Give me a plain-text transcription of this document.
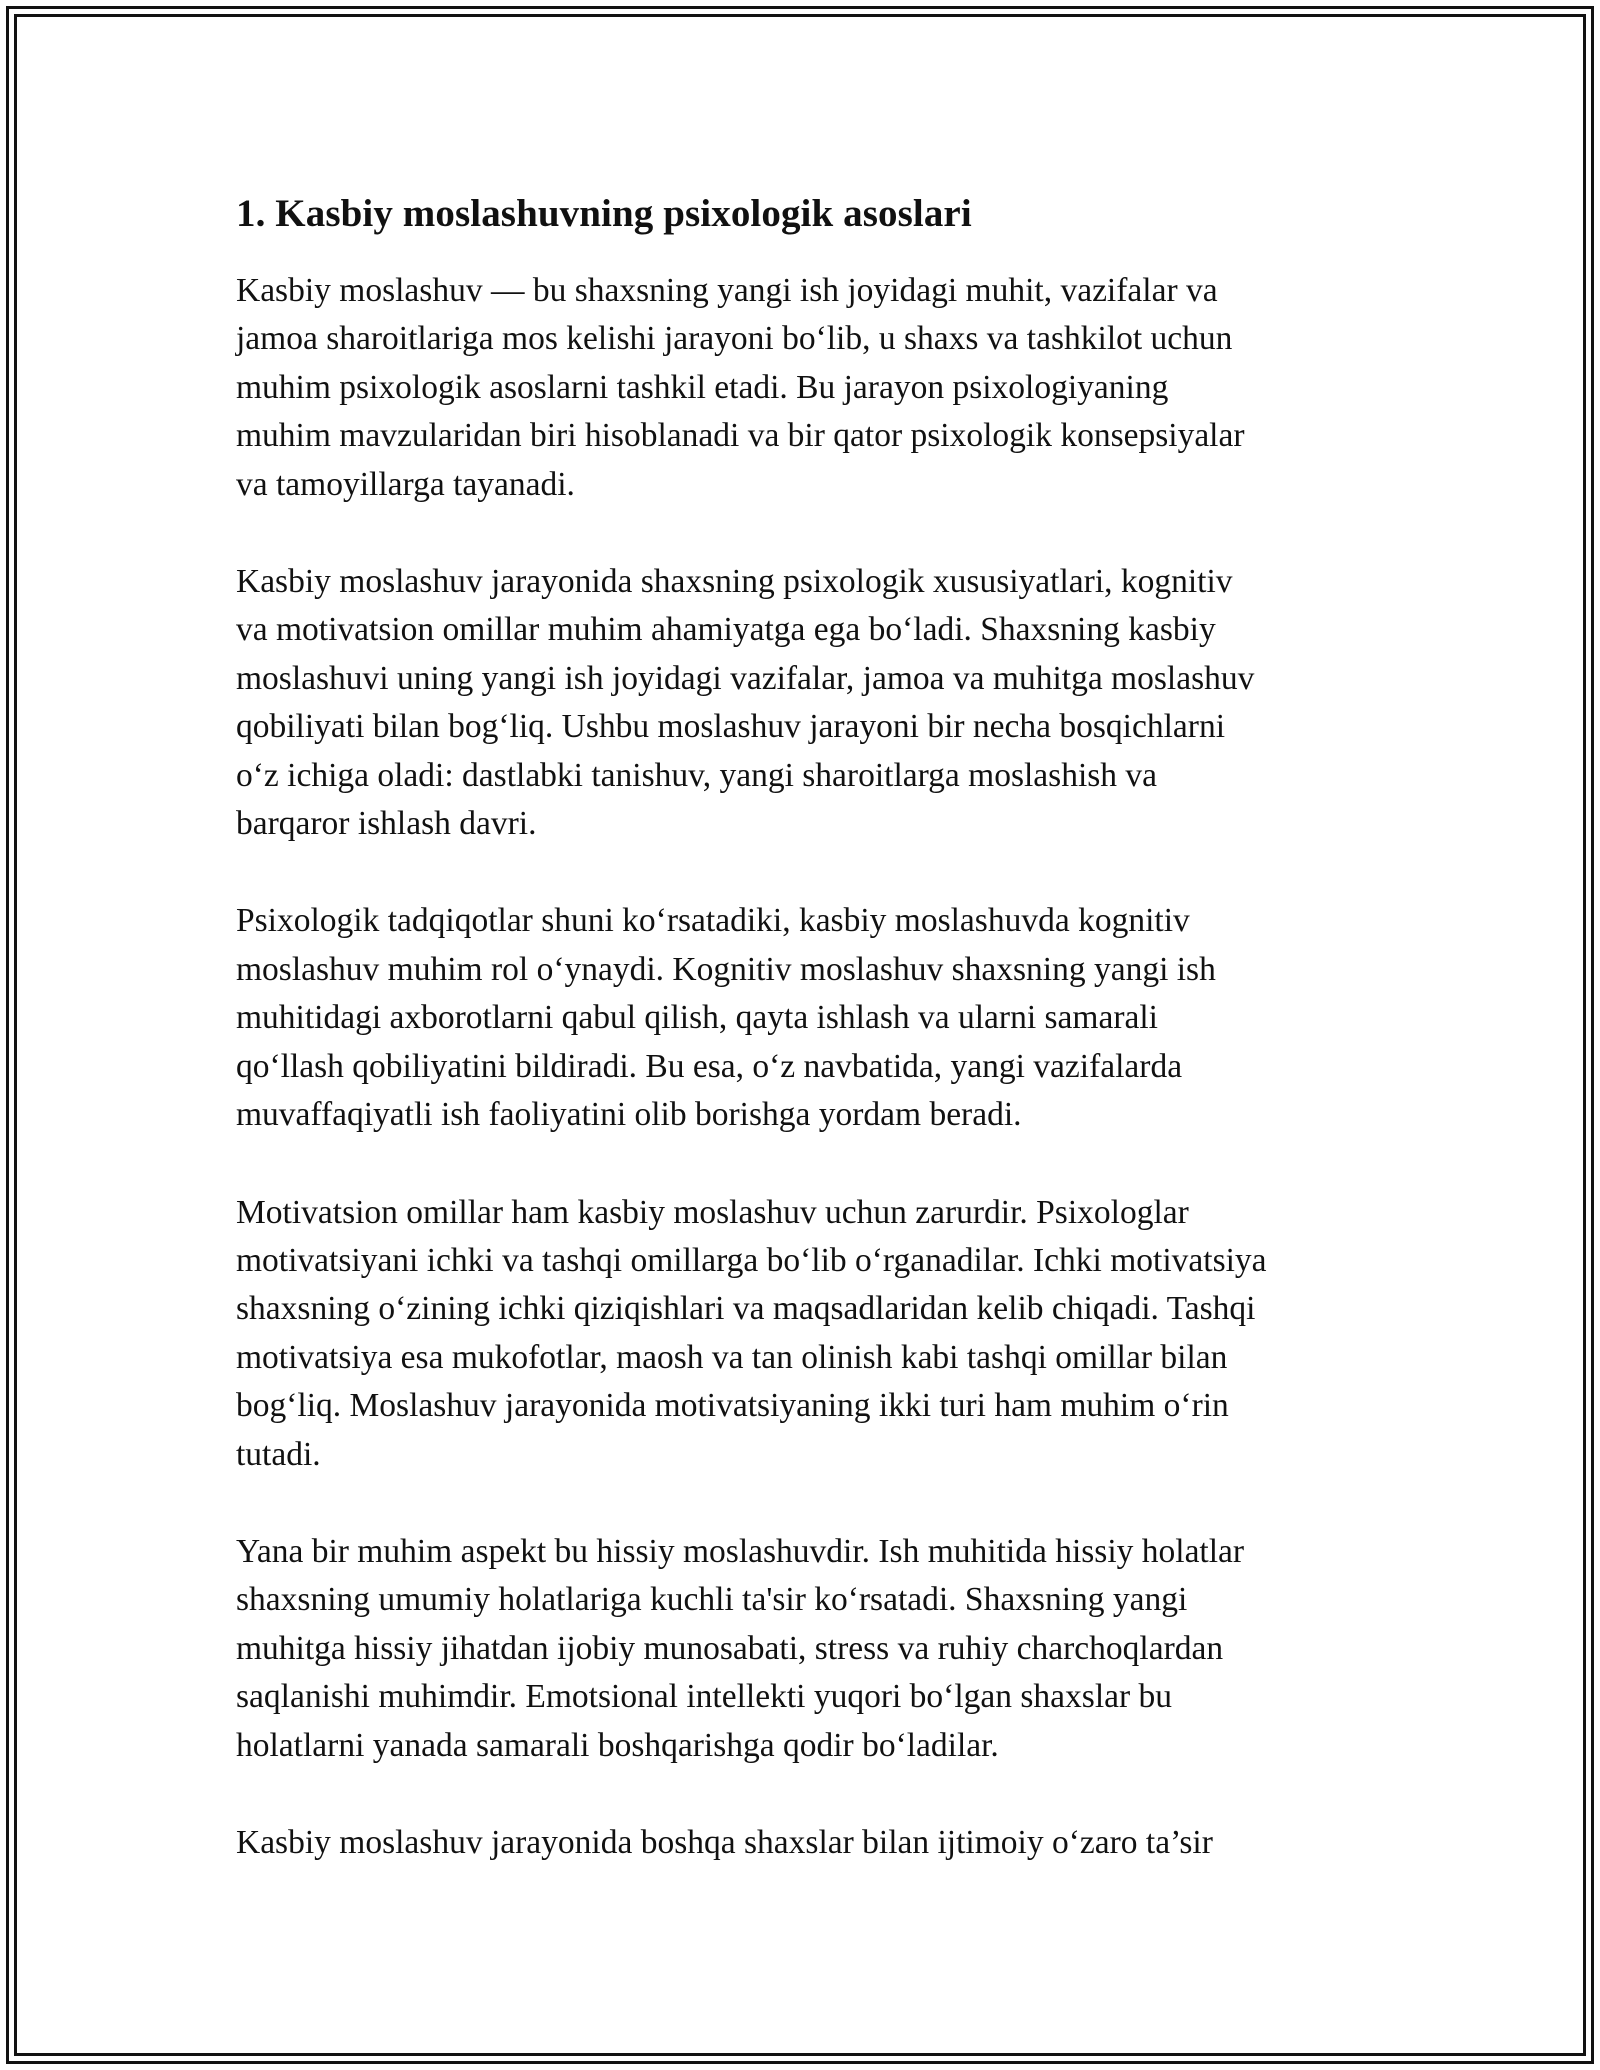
1. Kasbiy moslashuvning psixologik asoslari

Kasbiy moslashuv — bu shaxsning yangi ish joyidagi muhit, vazifalar va
jamoa sharoitlariga mos kelishi jarayoni bo‘lib, u shaxs va tashkilot uchun
muhim psixologik asoslarni tashkil etadi. Bu jarayon psixologiyaning
muhim mavzularidan biri hisoblanadi va bir qator psixologik konsepsiyalar
va tamoyillarga tayanadi.

Kasbiy moslashuv jarayonida shaxsning psixologik xususiyatlari, kognitiv
va motivatsion omillar muhim ahamiyatga ega bo‘ladi. Shaxsning kasbiy
moslashuvi uning yangi ish joyidagi vazifalar, jamoa va muhitga moslashuv
qobiliyati bilan bog‘liq. Ushbu moslashuv jarayoni bir necha bosqichlarni
o‘z ichiga oladi: dastlabki tanishuv, yangi sharoitlarga moslashish va
barqaror ishlash davri.

Psixologik tadqiqotlar shuni ko‘rsatadiki, kasbiy moslashuvda kognitiv
moslashuv muhim rol o‘ynaydi. Kognitiv moslashuv shaxsning yangi ish
muhitidagi axborotlarni qabul qilish, qayta ishlash va ularni samarali
qo‘llash qobiliyatini bildiradi. Bu esa, o‘z navbatida, yangi vazifalarda
muvaffaqiyatli ish faoliyatini olib borishga yordam beradi.

Motivatsion omillar ham kasbiy moslashuv uchun zarurdir. Psixologlar
motivatsiyani ichki va tashqi omillarga bo‘lib o‘rganadilar. Ichki motivatsiya
shaxsning o‘zining ichki qiziqishlari va maqsadlaridan kelib chiqadi. Tashqi
motivatsiya esa mukofotlar, maosh va tan olinish kabi tashqi omillar bilan
bog‘liq. Moslashuv jarayonida motivatsiyaning ikki turi ham muhim o‘rin
tutadi.

Yana bir muhim aspekt bu hissiy moslashuvdir. Ish muhitida hissiy holatlar
shaxsning umumiy holatlariga kuchli ta'sir ko‘rsatadi. Shaxsning yangi
muhitga hissiy jihatdan ijobiy munosabati, stress va ruhiy charchoqlardan
saqlanishi muhimdir. Emotsional intellekti yuqori bo‘lgan shaxslar bu
holatlarni yanada samarali boshqarishga qodir bo‘ladilar.

Kasbiy moslashuv jarayonida boshqa shaxslar bilan ijtimoiy o‘zaro ta’sir
